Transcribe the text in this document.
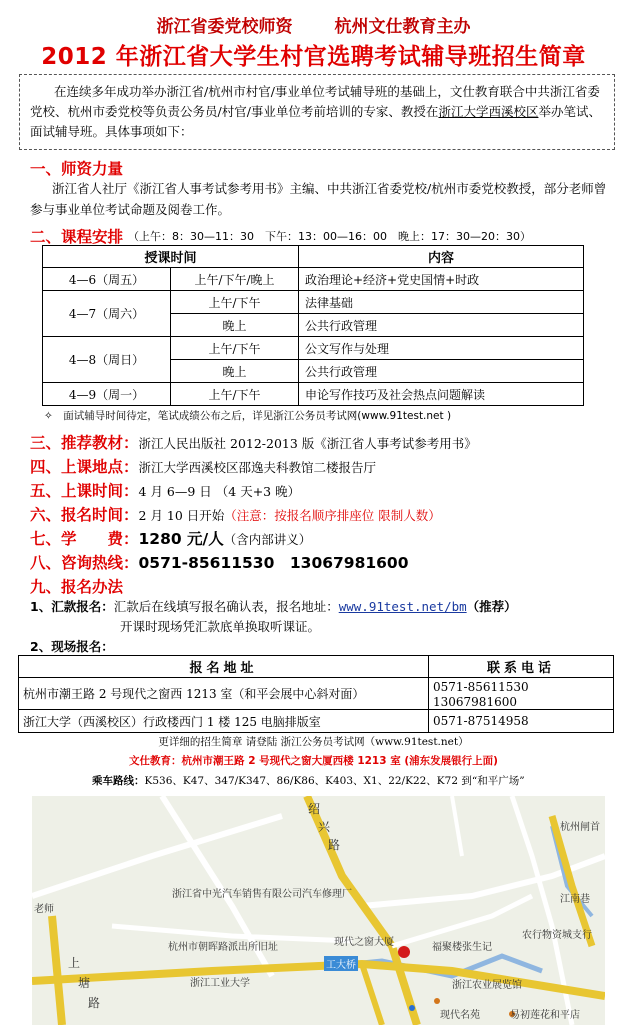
浙江省委党校师资 杭州文仕教育主办
2012 年浙江省大学生村官选聘考试辅导班招生简章
在连续多年成功举办浙江省/杭州市村官/事业单位考试辅导班的基础上，文仕教育联合中共浙江省委党校、杭州市委党校等负责公务员/村官/事业单位考前培训的专家、教授在浙江大学西溪校区举办笔试、面试辅导班。具体事项如下：
一、师资力量
浙江省人社厅《浙江省人事考试参考用书》主编、中共浙江省委党校/杭州市委党校教授，部分老师曾参与事业单位考试命题及阅卷工作。
二、课程安排 （上午：8：30—11：30　下午：13：00—16：00　晚上：17：30—20：30）
授课时间		内容
4—6（周五）	上午/下午/晚上	政治理论+经济+党史国情+时政
4—7（周六）	上午/下午	法律基础
	晚上	公共行政管理
4—8（周日）	上午/下午	公文写作与处理
	晚上	公共行政管理
4—9（周一）	上午/下午	申论写作技巧及社会热点问题解读
✧　面试辅导时间待定，笔试成绩公布之后，详见浙江公务员考试网(www.91test.net )
三、推荐教材：浙江人民出版社 2012-2013 版《浙江省人事考试参考用书》
四、上课地点：浙江大学西溪校区邵逸夫科教馆二楼报告厅
五、上课时间：4 月 6—9 日 （4 天+3 晚）
六、报名时间：2 月 10 日开始（注意：按报名顺序排座位 限制人数）
七、学　　费：1280 元/人（含内部讲义）
八、咨询热线：0571-85611530　13067981600
九、报名办法
1、汇款报名：汇款后在线填写报名确认表，报名地址：www.91test.net/bm（推荐）
开课时现场凭汇款底单换取听课证。
2、现场报名：
报名地址	联系电话
杭州市潮王路 2 号现代之窗西 1213 室（和平会展中心斜对面）	0571-85611530　 13067981600
浙江大学（西溪校区）行政楼西门 1 楼 125 电脑排版室	0571-87514958
更详细的招生简章 请登陆 浙江公务员考试网（www.91test.net）
文仕教育：杭州市潮王路 2 号现代之窗大厦西楼 1213 室 (浦东发展银行上面)
乘车路线：K536、K47、347/K347、86/K86、K403、X1、22/K22、K72 到“和平广场”
绍
兴
路
杭州闸首
浙江省中光汽车销售有限公司汽车修理厂	江南巷
老师
杭州市朝晖路派出所旧址	现代之窗大厦	福聚楼张生记
农行物资城支行
上
塘
路
浙江工业大学
工大桥
浙江农业展览馆
现代名苑	易初莲花和平店
